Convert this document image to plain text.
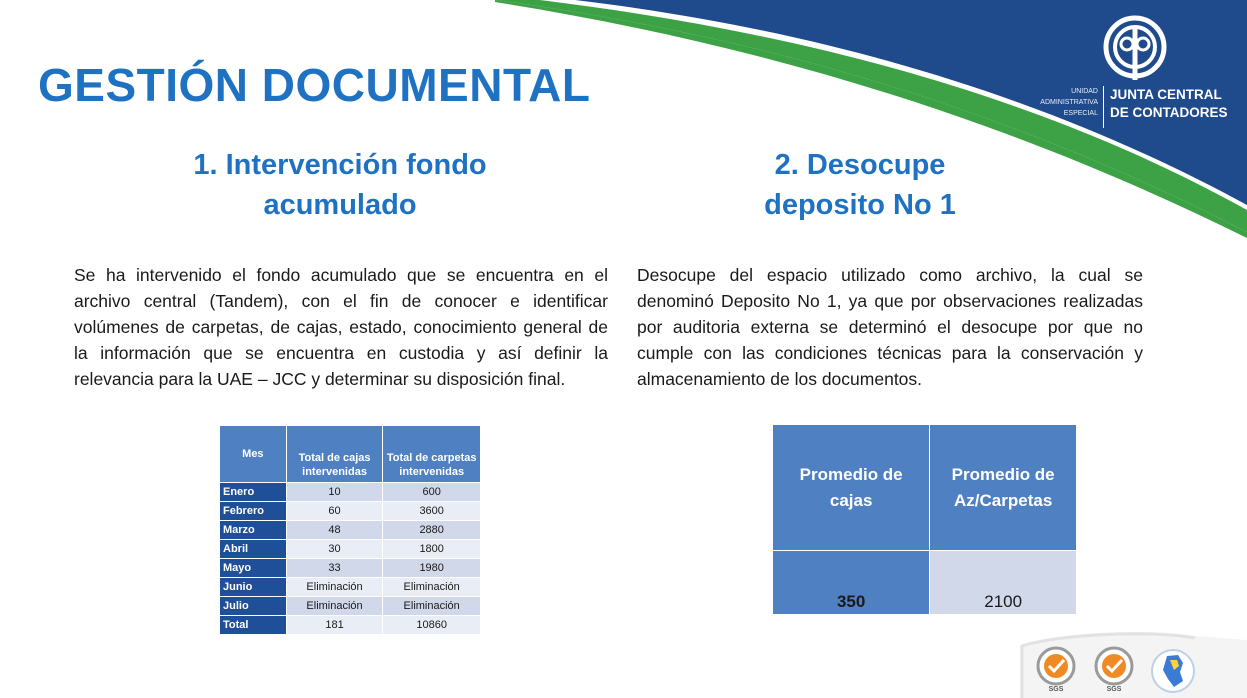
GESTIÓN DOCUMENTAL	UNIDAD
ADMINISTRATIVA
ESPECIAL
JUNTA CENTRAL
DE CONTADORES
1. Intervención fondo
acumulado
2. Desocupe
deposito No 1
Se ha intervenido el fondo acumulado que se encuentra en el archivo central (Tandem), con el fin de conocer e identificar volúmenes de carpetas, de cajas, estado, conocimiento general de la información que se encuentra en custodia y así definir la relevancia para la UAE – JCC y determinar su disposición final.
Desocupe del espacio utilizado como archivo, la cual se denominó Deposito No 1, ya que por observaciones realizadas por auditoria externa se determinó el desocupe por que no cumple con las condiciones técnicas para la conservación y almacenamiento de los documentos.
Mes	Total de cajas intervenidas	Total de carpetas intervenidas
Enero	10	600
Febrero	60	3600
Marzo	48	2880
Abril	30	1800
Mayo	33	1980
Junio	Eliminación	Eliminación
Julio	Eliminación	Eliminación
Total	181	10860
Promedio de cajas	Promedio de Az/Carpetas
350	2100
SGS	SGS
